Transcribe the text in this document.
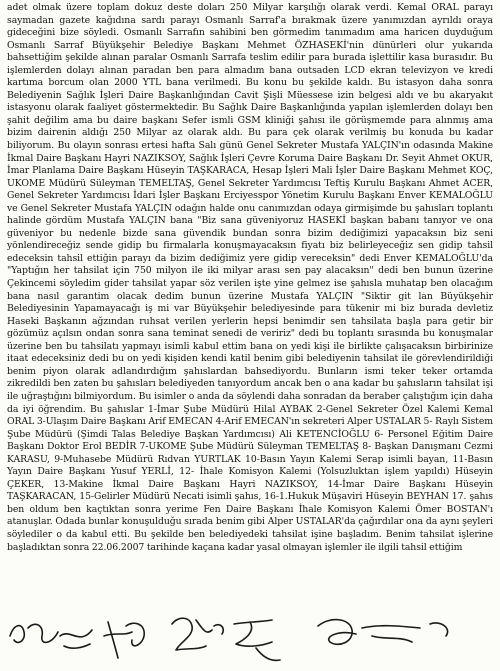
adet olmak üzere toplam dokuz deste doları 250 Milyar karşılığı olarak verdi. Kemal ORAL parayı saymadan gazete kağıdına sardı parayı Osmanlı Sarraf'a bırakmak üzere yanımızdan ayrıldı oraya gideceğini bize söyledi. Osmanlı Sarrafın sahibini ben görmedim tanımadım ama haricen duyduğum Osmanlı Sarraf Büyükşehir Belediye Başkanı Mehmet ÖZHASEKİ'nin dünürleri olur yukarıda bahsettiğim şekilde alınan paralar Osmanlı Sarrafa teslim edilir para burada işlettilir kasa burasıdır. Bu işlemlerden dolayı alınan paradan ben para almadım bana outsaden LCD ekran televizyon ve kredi kartıma borcum olan 2000 YTL bana verilmedi. Bu konu bu şekilde kaldı. Bu istasyon daha sonra Belediyenin Sağlık İşleri Daire Başkanlığından Cavit Şişli Müessese izin belgesi aldı ve bu akaryakıt istasyonu olarak faaliyet göstermektedir. Bu Sağlık Daire Başkanlığında yapılan işlemlerden dolayı ben şahit değilim ama bu daire başkanı Sefer ismli GSM kliniği şahısı ile görüşmemde para alınmış ama bizim dairenin aldığı 250 Milyar az olarak aldı. Bu para çek olarak verilmiş bu konuda bu kadar biliyorum. Bu olayın sonrası ertesi hafta Salı günü Genel Sekreter Mustafa YALÇIN'ın odasında Makine İkmal Daire Başkanı Hayri NAZIKSOY, Sağlık İşleri Çevre Koruma Daire Başkanı Dr. Seyit Ahmet OKUR, İmar Planlama Daire Başkanı Hüseyin TAŞKARACA, Hesap İşleri Mali İşler Daire Başkanı Mehmet KOÇ, UKOME Müdürü Süleyman TEMELTAŞ, Genel Sekreter Yardımcısı Teftiş Kurulu Başkanı Ahmet ACER, Genel Sekreter Yardımcısı İdari İşler Başkanı Erciyesspor Yönetim Kurulu Başkanı Enver KEMALOĞLU ve Genel Sekreter Mustafa YALÇIN odağın halde onu canımızdan odaya girmişimde bu şahısları toplantı halinde gördüm Mustafa YALÇIN bana "Biz sana güveniyoruz HASEKİ başkan babanı tanıyor ve ona güveniyor bu nedenle bizde sana güvendik bundan sonra bizim dediğimizi yapacaksın biz seni yönlendireceğiz sende gidip bu firmalarla konuşmayacaksın fiyatı biz belirleyeceğiz sen gidip tahsil edeceksin tahsil ettiğin parayı da bizim dediğimiz yere gidip vereceksin" dedi Enver KEMALOĞLU'da "Yaptığın her tahsilat için 750 milyon ile iki milyar arası sen pay alacaksın" dedi ben bunun üzerine Çekincemi söyledim gider tahsilat yapar söz verilen işte yine gelmez ise şahısla muhatap ben olacağım bana nasıl garantim olacak dedim bunun üzerine Mustafa YALÇIN "Siktir git lan Büyükşehir Belediyesinin Yapamayacağı iş mi var Büyükşehir belediyesinde para tükenir mi biz burada devletiz Haseki Başkanın ağzından ruhsat verilen yerlerin hepsi benimdir sen tahsilata başla para getir bir gözümüz açılsın ondan sonra sana teminat senedi de veririz" dedi bu toplantı sırasında bu konuşmalar üzerine ben bu tahsilatı yapmayı isimli kabul ettim bana on yedi kişi ile birlikte çalışacaksın birbirinize itaat edeceksiniz dedi bu on yedi kişiden kendi katil benim gibi belediyenin tahsilat ile görevlendirildiği benim piyon olarak adlandırdığım şahıslardan bahsediyordu. Bunların ismi teker teker ortamda zikredildi ben zaten bu şahısları belediyeden tanıyordum ancak ben o ana kadar bu şahısların tahsilat işi ile uğraştığını bilmiyordum. Bu isimler o anda da söylendi daha sonradan da beraber çalıştığım için daha da iyi öğrendim. Bu şahıslar 1-İmar Şube Müdürü Hilal AYBAK 2-Genel Sekreter Özel Kalemi Kemal ORAL 3-Ulaşım Daire Başkanı Arif EMECAN 4-Arif EMECAN'ın sekreteri Alper USTALAR 5- Raylı Sistem Şube Müdürü (Şimdi Talas Belediye Başkan Yardımcısı) Ali KETENCİOĞLU 6- Personel Eğitim Daire Başkanı Doktor Erol BEDİR 7-UKOME Şube Müdürü Süleyman TEMELTAŞ 8- Başkan Danışmanı Cezmi KARASU, 9-Muhasebe Müdürü Rıdvan YURTLAK 10-Basın Yayın Kalemi Serap isimli bayan, 11-Basın Yayın Daire Başkanı Yusuf YERLİ, 12- İhale Komisyon Kalemi (Yolsuzluktan işlem yapıldı) Hüseyin ÇEKER, 13-Makine İkmal Daire Başkanı Hayri NAZIKSOY, 14-İmar Daire Başkanı Hüseyin TAŞKARACAN, 15-Gelirler Müdürü Necati isimli şahıs, 16-1.Hukuk Müşaviri Hüseyin BEYHAN 17. şahıs ben oldum ben kaçtıktan sonra yerime Fen Daire Başkanı İhale Komisyon Kalemi Ömer BOSTAN'ı atanuşlar. Odada bunlar konuşulduğu sırada benim gibi Alper USTALAR'da çağırdılar ona da aynı şeyleri söylediler o da kabul etti. Bu şekilde ben belediyedeki tahsilat işine başladım. Benim tahsilat işlerine başladıktan sonra 22.06.2007 tarihinde kaçana kadar yasal olmayan işlemler ile ilgili tahsil ettiğim
